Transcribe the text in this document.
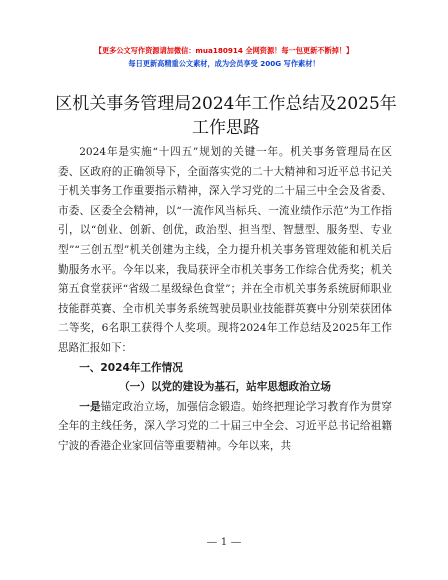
【更多公文写作资源请加微信：mua180914 全网资源！每一包更新不断掉！】
每日更新高精重公文素材，成为会员享受 200G 写作素材！
区机关事务管理局2024年工作总结及2025年工作思路

2024年是实施“十四五”规划的关键一年。机关事务管理局在区委、区政府的正确领导下，全面落实党的二十大精神和习近平总书记关于机关事务工作重要指示精神，深入学习党的二十届三中全会及省委、市委、区委全会精神，以“一流作风当标兵、一流业绩作示范”为工作指引，以“创业、创新、创优，政治型、担当型、智慧型、服务型、专业型”“三创五型”机关创建为主线，全力提升机关事务管理效能和机关后勤服务水平。今年以来，我局获评全市机关事务工作综合优秀奖；机关第五食堂获评“省级二星级绿色食堂”；并在全市机关事务系统厨师职业技能群英赛、全市机关事务系统驾驶员职业技能群英赛中分别荣获团体二等奖，6名职工获得个人奖项。现将2024年工作总结及2025年工作思路汇报如下：

一、2024年工作情况

（一）以党的建设为基石，站牢思想政治立场

一是锚定政治立场，加强信念锻造。始终把理论学习教育作为贯穿全年的主线任务，深入学习党的二十届三中全会、习近平总书记给祖籍宁波的香港企业家回信等重要精神。今年以来，共

— 1 —
